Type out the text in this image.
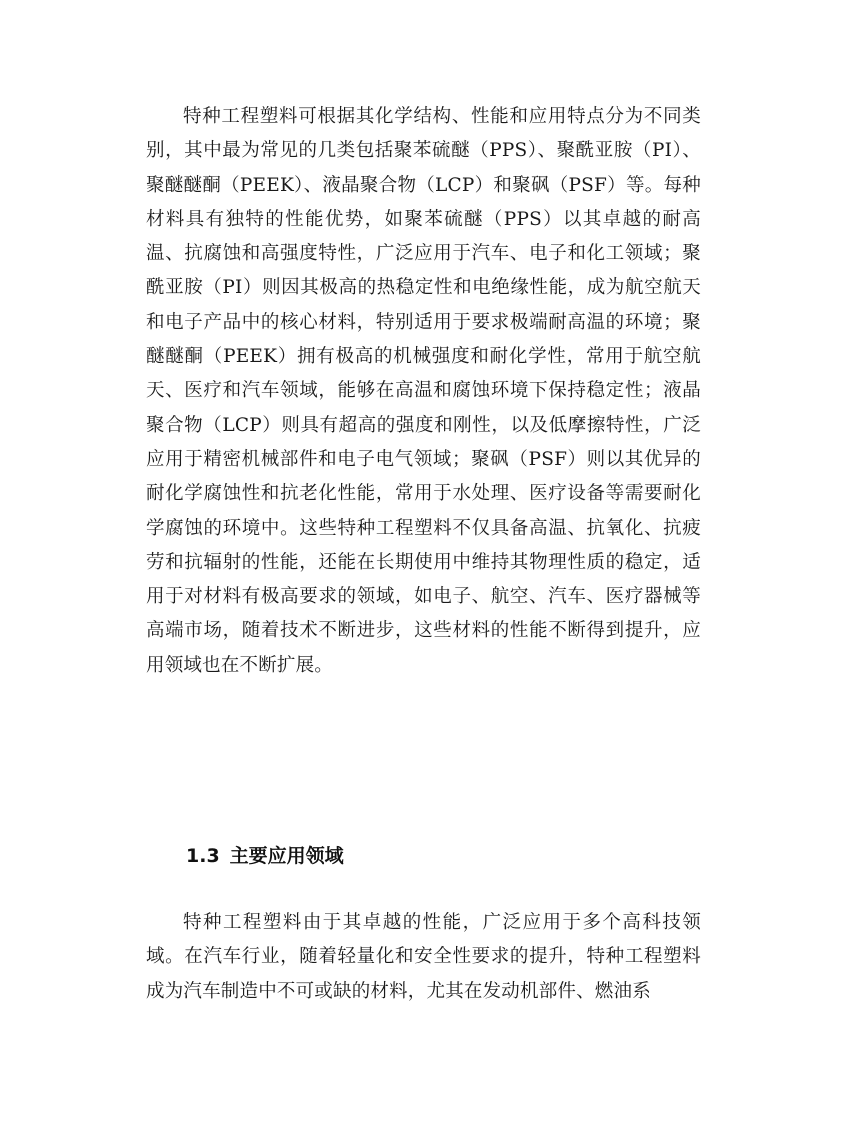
特种工程塑料可根据其化学结构、性能和应用特点分为不同类别，其中最为常见的几类包括聚苯硫醚（PPS）、聚酰亚胺（PI）、聚醚醚酮（PEEK）、液晶聚合物（LCP）和聚砜（PSF）等。每种材料具有独特的性能优势，如聚苯硫醚（PPS）以其卓越的耐高温、抗腐蚀和高强度特性，广泛应用于汽车、电子和化工领域；聚酰亚胺（PI）则因其极高的热稳定性和电绝缘性能，成为航空航天和电子产品中的核心材料，特别适用于要求极端耐高温的环境；聚醚醚酮（PEEK）拥有极高的机械强度和耐化学性，常用于航空航天、医疗和汽车领域，能够在高温和腐蚀环境下保持稳定性；液晶聚合物（LCP）则具有超高的强度和刚性，以及低摩擦特性，广泛应用于精密机械部件和电子电气领域；聚砜（PSF）则以其优异的耐化学腐蚀性和抗老化性能，常用于水处理、医疗设备等需要耐化学腐蚀的环境中。这些特种工程塑料不仅具备高温、抗氧化、抗疲劳和抗辐射的性能，还能在长期使用中维持其物理性质的稳定，适用于对材料有极高要求的领域，如电子、航空、汽车、医疗器械等高端市场，随着技术不断进步，这些材料的性能不断得到提升，应用领域也在不断扩展。

1.3 主要应用领域

特种工程塑料由于其卓越的性能，广泛应用于多个高科技领域。在汽车行业，随着轻量化和安全性要求的提升，特种工程塑料成为汽车制造中不可或缺的材料，尤其在发动机部件、燃油系
